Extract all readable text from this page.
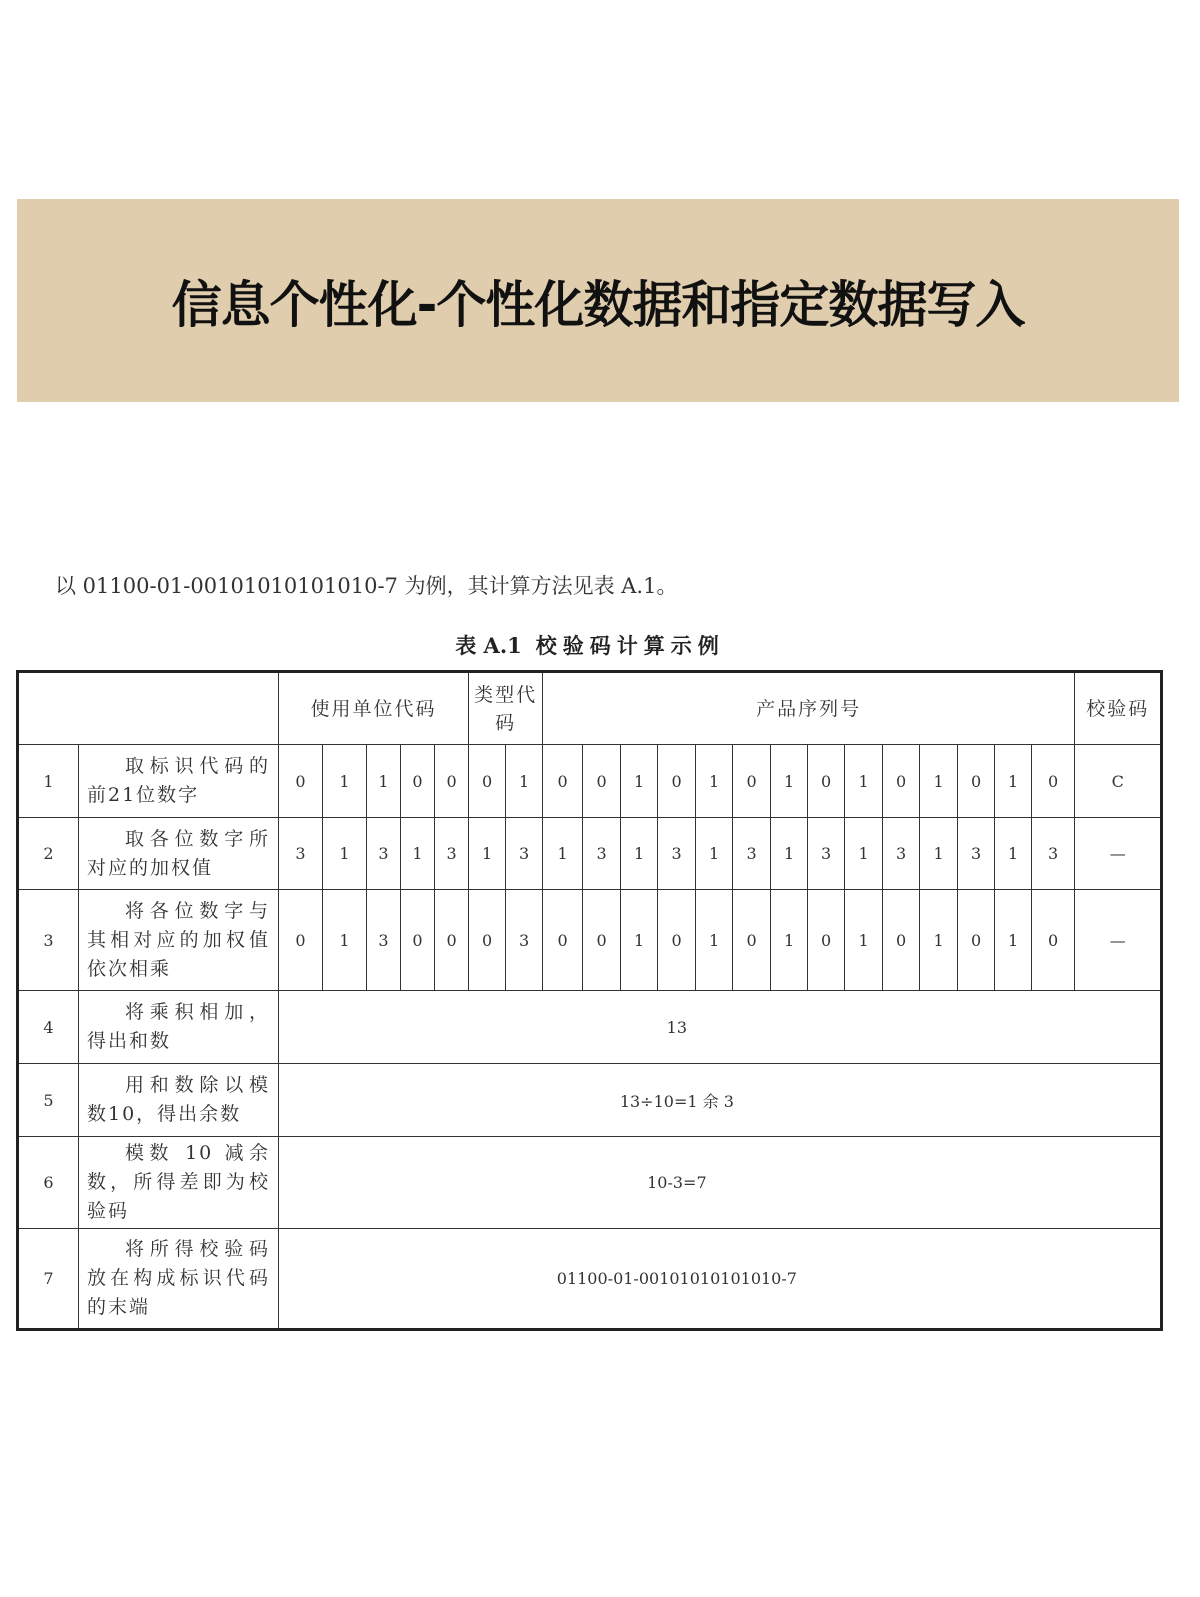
信息个性化-个性化数据和指定数据写入
以 01100-01-00101010101010-7 为例，其计算方法见表 A.1。
表 A.1 校验码计算示例
		使用单位代码					类型代码		产品序列号														校验码
1	取标识代码的前21位数字	0	1	1	0	0	0	1	0	0	1	0	1	0	1	0	1	0	1	0	1	0	C
2	取各位数字所对应的加权值	3	1	3	1	3	1	3	1	3	1	3	1	3	1	3	1	3	1	3	1	3	—
3	将各位数字与其相对应的加权值依次相乘	0	1	3	0	0	0	3	0	0	1	0	1	0	1	0	1	0	1	0	1	0	—
4	将乘积相加，得出和数	13																					
5	用和数除以模数10，得出余数	13÷10=1 余 3																					
6	模数 10 减余数，所得差即为校验码	10-3=7																					
7	将所得校验码放在构成标识代码的末端	01100-01-00101010101010-7																					
